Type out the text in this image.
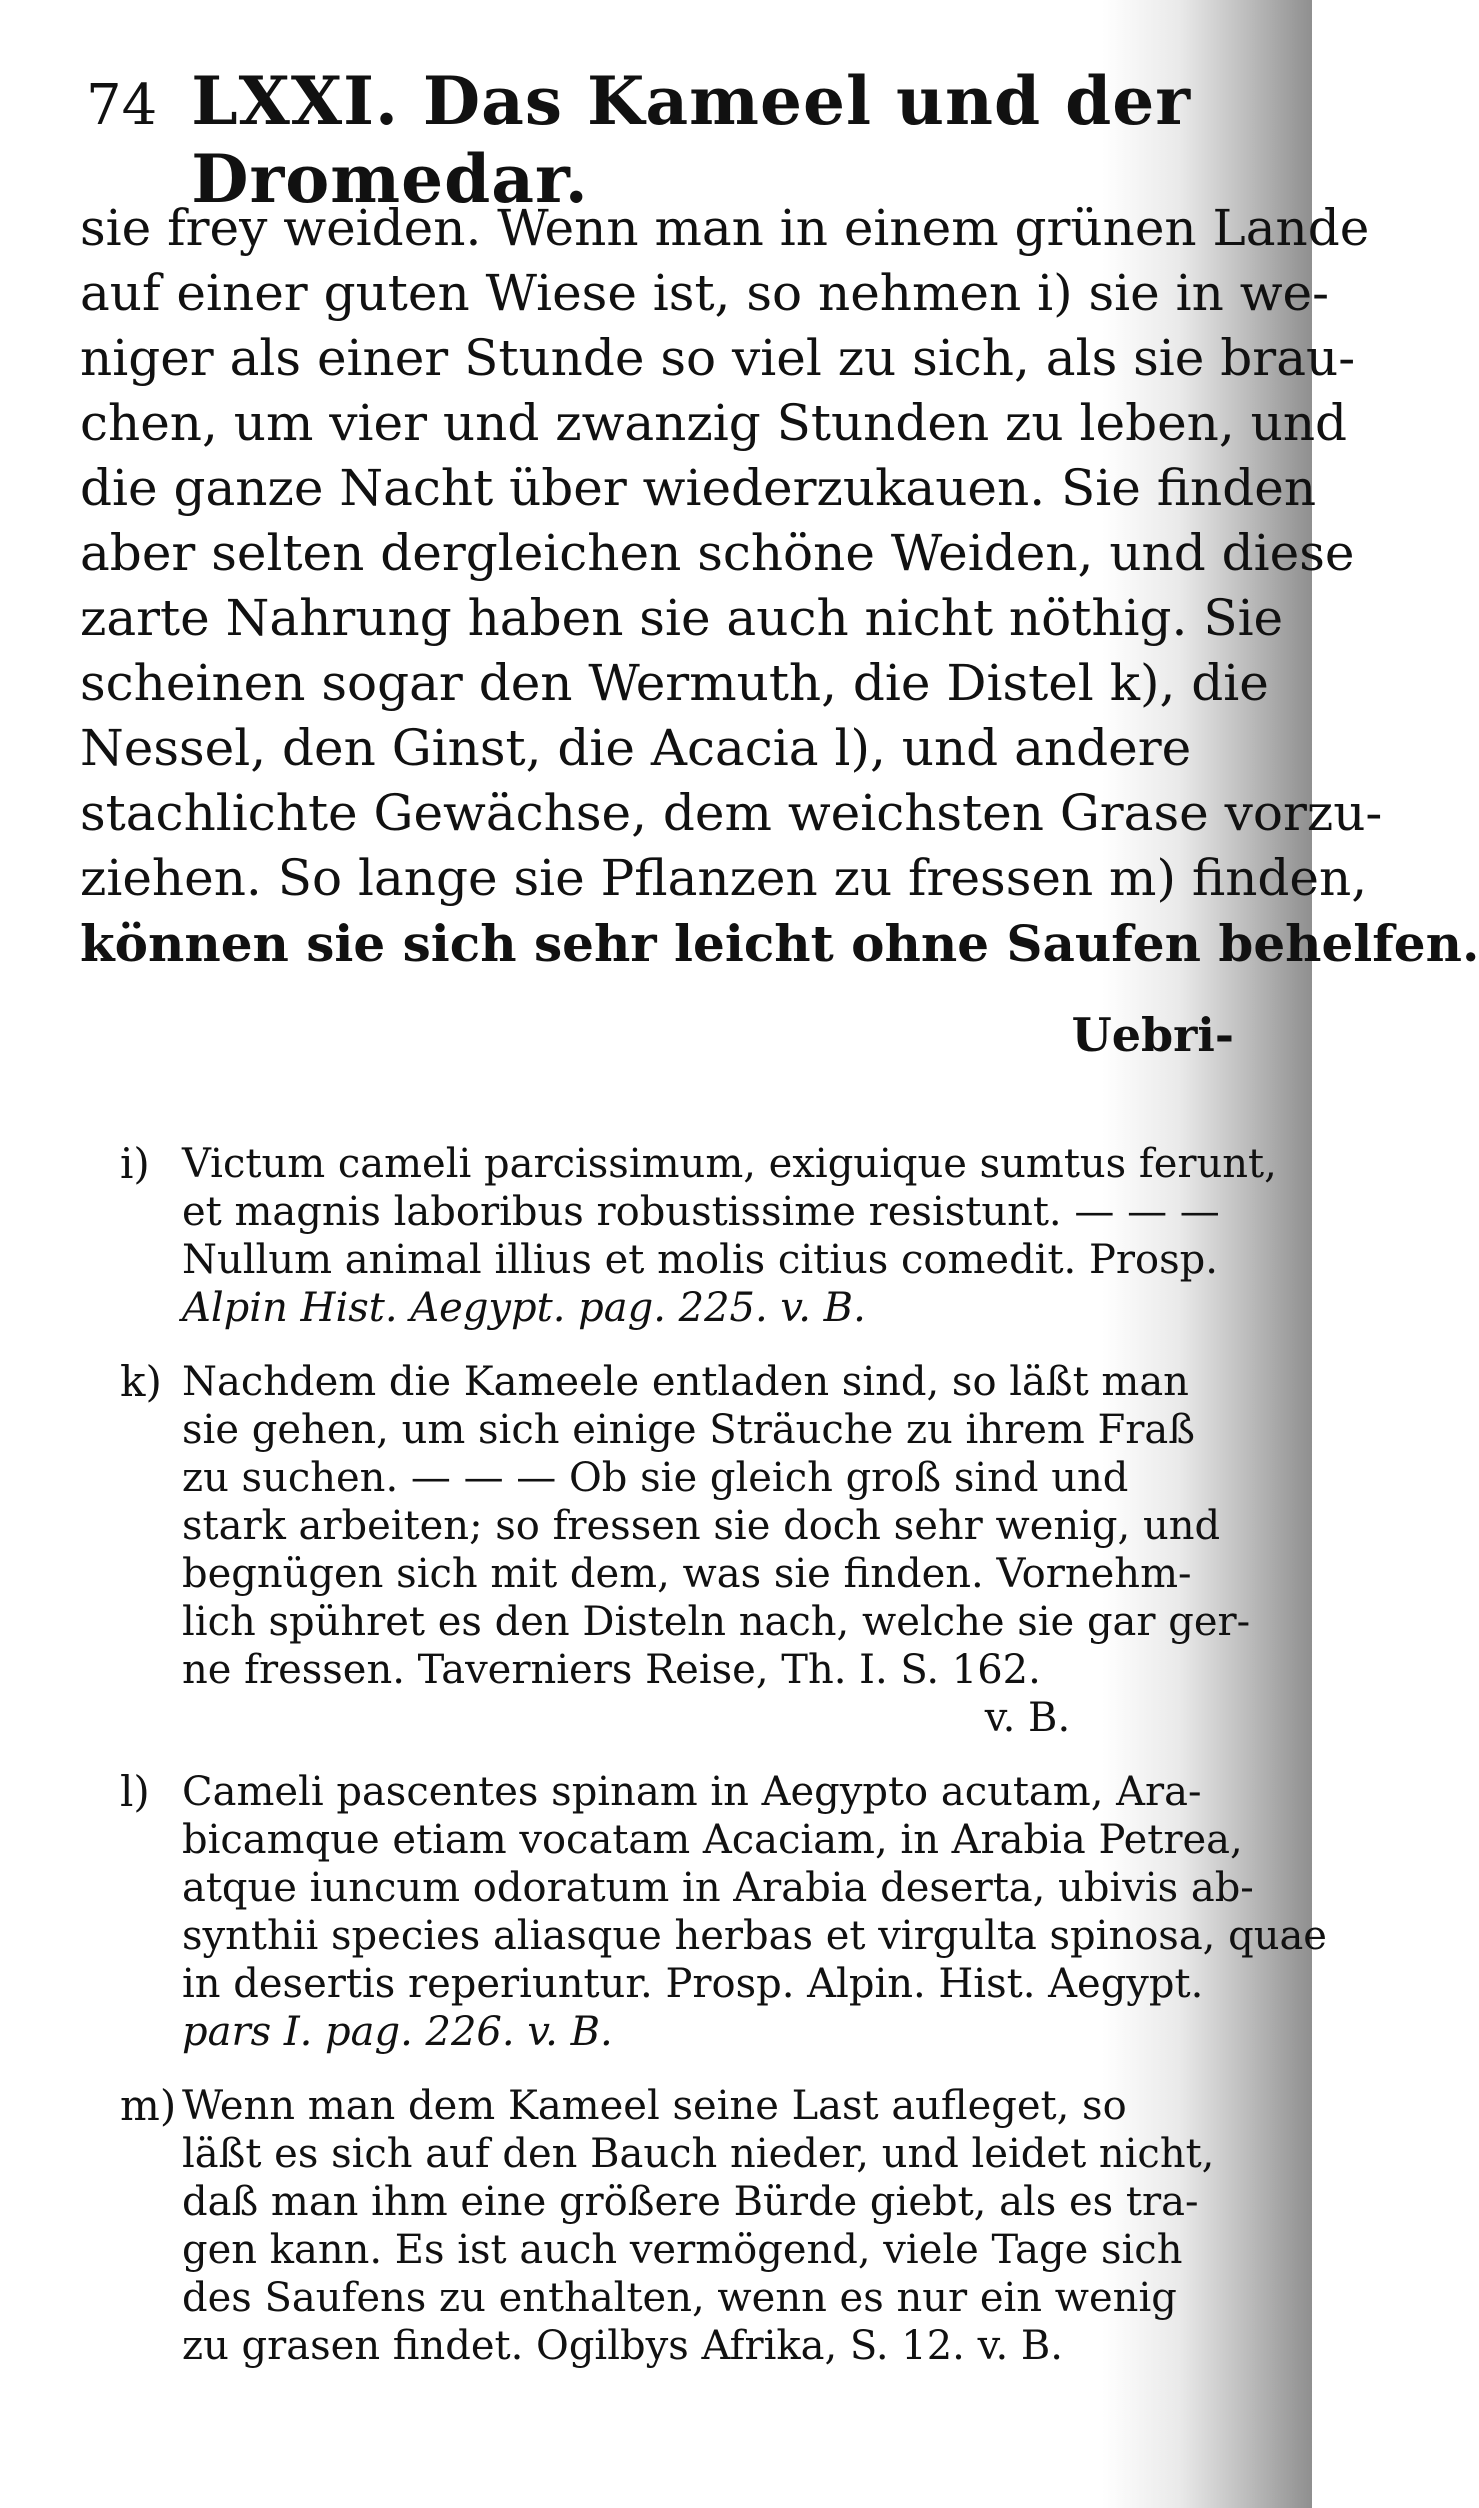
74 LXXI. Das Kameel und der Dromedar.
sie frey weiden. Wenn man in einem grünen Lande
auf einer guten Wiese ist, so nehmen i) sie in we-
niger als einer Stunde so viel zu sich, als sie brau-
chen, um vier und zwanzig Stunden zu leben, und
die ganze Nacht über wiederzukauen. Sie finden
aber selten dergleichen schöne Weiden, und diese
zarte Nahrung haben sie auch nicht nöthig. Sie
scheinen sogar den Wermuth, die Distel k), die
Nessel, den Ginst, die Acacia l), und andere
stachlichte Gewächse, dem weichsten Grase vorzu-
ziehen. So lange sie Pflanzen zu fressen m) finden,
können sie sich sehr leicht ohne Saufen behelfen.
Uebri-
i) Victum cameli parcissimum, exiguique sumtus ferunt,
et magnis laboribus robustissime resistunt. — — —
Nullum animal illius et molis citius comedit. Prosp.
Alpin Hist. Aegypt. pag. 225. v. B.
k) Nachdem die Kameele entladen sind, so läßt man
sie gehen, um sich einige Sträuche zu ihrem Fraß
zu suchen. — — — Ob sie gleich groß sind und
stark arbeiten; so fressen sie doch sehr wenig, und
begnügen sich mit dem, was sie finden. Vornehm-
lich spühret es den Disteln nach, welche sie gar ger-
ne fressen. Taverniers Reise, Th. I. S. 162.
v. B.
l) Cameli pascentes spinam in Aegypto acutam, Ara-
bicamque etiam vocatam Acaciam, in Arabia Petrea,
atque iuncum odoratum in Arabia deserta, ubivis ab-
synthii species aliasque herbas et virgulta spinosa, quae
in desertis reperiuntur. Prosp. Alpin. Hist. Aegypt.
pars I. pag. 226. v. B.
m) Wenn man dem Kameel seine Last aufleget, so
läßt es sich auf den Bauch nieder, und leidet nicht,
daß man ihm eine größere Bürde giebt, als es tra-
gen kann. Es ist auch vermögend, viele Tage sich
des Saufens zu enthalten, wenn es nur ein wenig
zu grasen findet. Ogilbys Afrika, S. 12. v. B.
